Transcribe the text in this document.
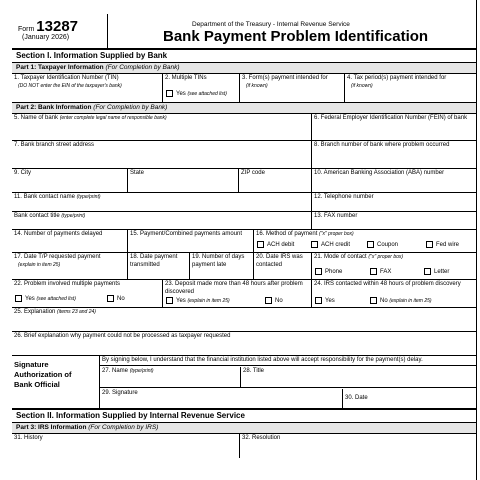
Form 13287
(January 2026)
Department of the Treasury - Internal Revenue Service
Bank Payment Problem Identification
Section I. Information Supplied by Bank
Part 1: Taxpayer Information (For Completion by Bank)
1. Taxpayer Identification Number (TIN)
(DO NOT enter the EIN of the taxpayer's bank)
2. Multiple TINs
Yes (see attached list)
3. Form(s) payment intended for
(if known)
4. Tax period(s) payment intended for
(if known)
Part 2: Bank Information (For Completion by Bank)
5. Name of bank (enter complete legal name of responsible bank)	6. Federal Employer Identification Number (FEIN) of bank
7. Bank branch street address	8. Branch number of bank where problem occurred
9. City	State	ZIP code	10. American Banking Association (ABA) number
11. Bank contact name (type/print)	12. Telephone number
Bank contact title (type/print)	13. FAX number
14. Number of payments delayed	15. Payment/Combined payments amount	16. Method of payment ("x" proper box)
ACH debit	ACH credit	Coupon	Fed wire
17. Date T/P requested payment
(explain in item 25)
18. Date payment transmitted
19. Number of days payment late
20. Date IRS was contacted
21. Mode of contact ("x" proper box)
Phone	FAX	Letter
22. Problem involved multiple payments
Yes (see attached list)	No
23. Deposit made more than 48 hours after problem discovered
Yes (explain in item 25)	No
24. IRS contacted within 48 hours of problem discovery
Yes	No (explain in item 25)
25. Explanation (items 23 and 24)
26. Brief explanation why payment could not be processed as taxpayer requested
Signature
Authorization of
Bank Official
By signing below, I understand that the financial institution listed above will accept responsibility for the payment(s) delay.
27. Name (type/print)	28. Title
29. Signature
30. Date
Section II. Information Supplied by Internal Revenue Service
Part 3: IRS Information (For Completion by IRS)
31. History	32. Resolution
